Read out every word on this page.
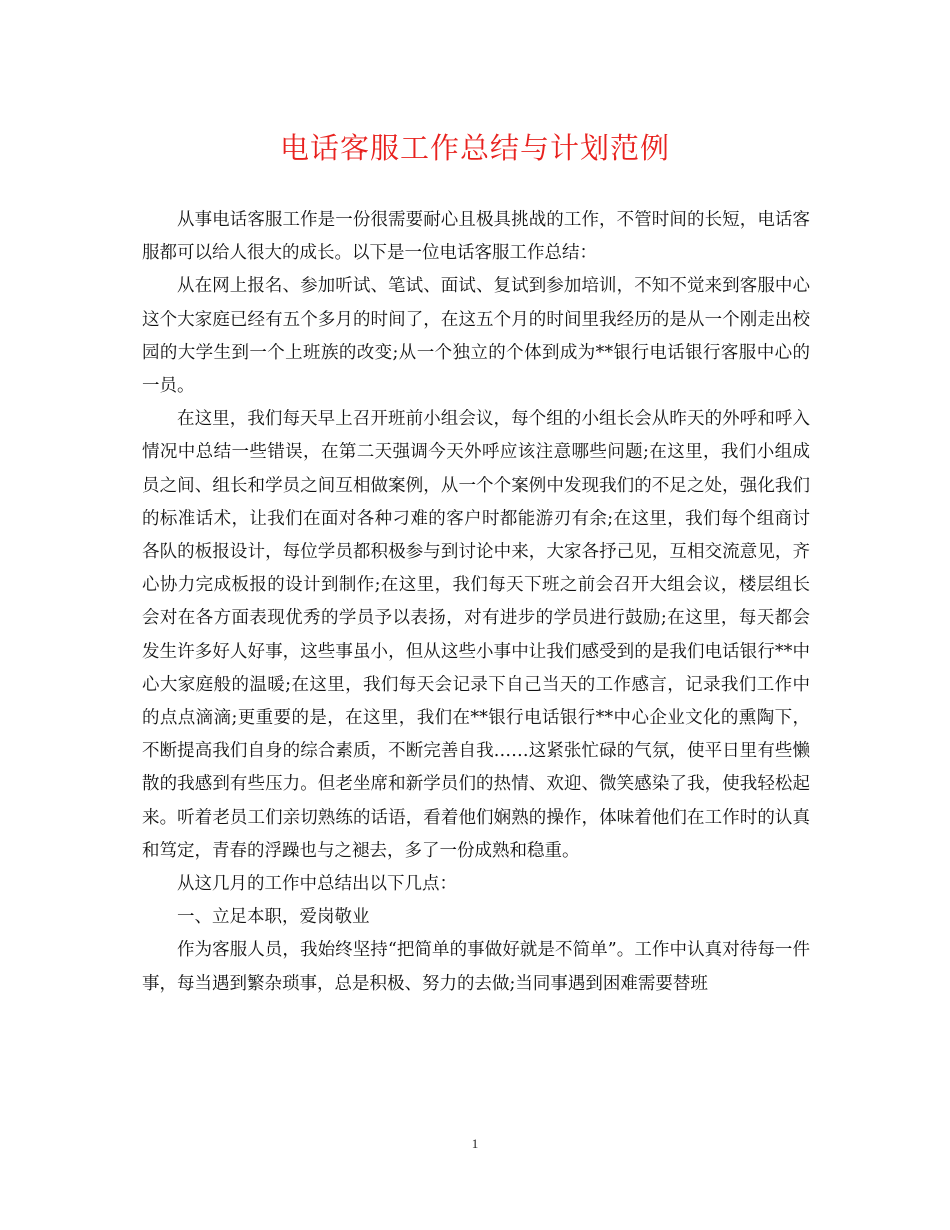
电话客服工作总结与计划范例

从事电话客服工作是一份很需要耐心且极具挑战的工作，不管时间的长短，电话客服都可以给人很大的成长。以下是一位电话客服工作总结：

从在网上报名、参加听试、笔试、面试、复试到参加培训，不知不觉来到客服中心这个大家庭已经有五个多月的时间了，在这五个月的时间里我经历的是从一个刚走出校园的大学生到一个上班族的改变;从一个独立的个体到成为**银行电话银行客服中心的一员。

在这里，我们每天早上召开班前小组会议，每个组的小组长会从昨天的外呼和呼入情况中总结一些错误，在第二天强调今天外呼应该注意哪些问题;在这里，我们小组成员之间、组长和学员之间互相做案例，从一个个案例中发现我们的不足之处，强化我们的标准话术，让我们在面对各种刁难的客户时都能游刃有余;在这里，我们每个组商讨各队的板报设计，每位学员都积极参与到讨论中来，大家各抒己见，互相交流意见，齐心协力完成板报的设计到制作;在这里，我们每天下班之前会召开大组会议，楼层组长会对在各方面表现优秀的学员予以表扬，对有进步的学员进行鼓励;在这里，每天都会发生许多好人好事，这些事虽小，但从这些小事中让我们感受到的是我们电话银行**中心大家庭般的温暖;在这里，我们每天会记录下自己当天的工作感言，记录我们工作中的点点滴滴;更重要的是，在这里，我们在**银行电话银行**中心企业文化的熏陶下，不断提高我们自身的综合素质，不断完善自我……这紧张忙碌的气氛，使平日里有些懒散的我感到有些压力。但老坐席和新学员们的热情、欢迎、微笑感染了我，使我轻松起来。听着老员工们亲切熟练的话语，看着他们娴熟的操作，体味着他们在工作时的认真和笃定，青春的浮躁也与之褪去，多了一份成熟和稳重。

从这几月的工作中总结出以下几点：

一、立足本职，爱岗敬业

作为客服人员，我始终坚持“把简单的事做好就是不简单”。工作中认真对待每一件事，每当遇到繁杂琐事，总是积极、努力的去做;当同事遇到困难需要替班

1
